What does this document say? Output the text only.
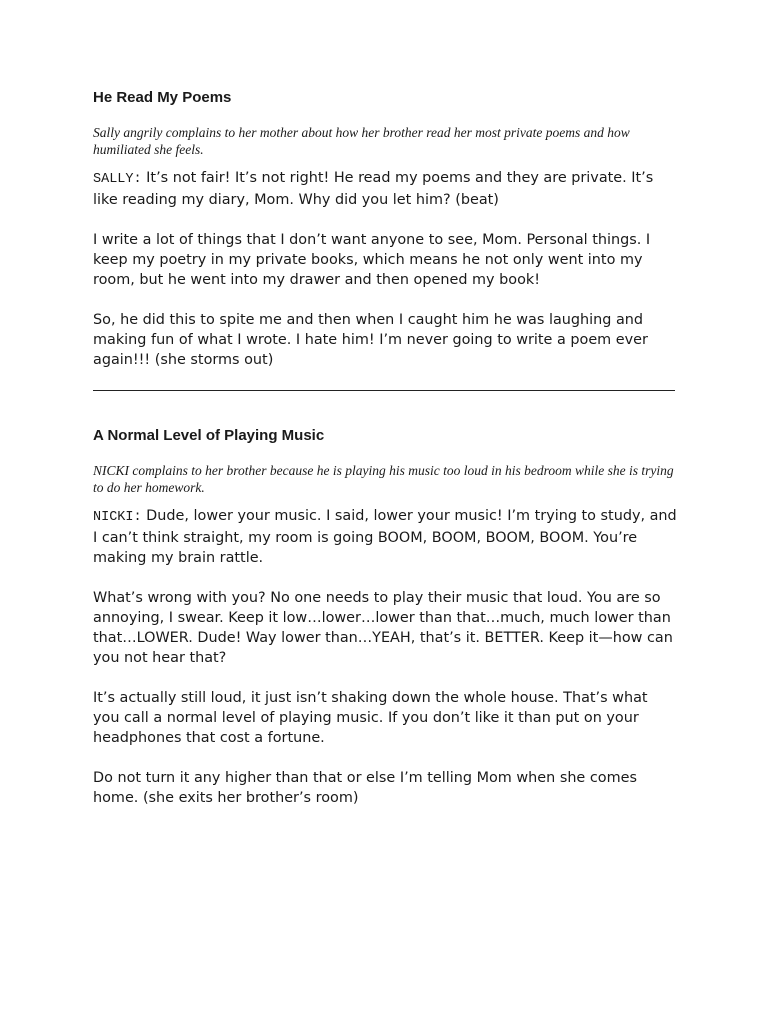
He Read My Poems

Sally angrily complains to her mother about how her brother read her most private poems and how humiliated she feels.

SALLY: It’s not fair! It’s not right! He read my poems and they are private. It’s like reading my diary, Mom. Why did you let him? (beat)

I write a lot of things that I don’t want anyone to see, Mom. Personal things. I keep my poetry in my private books, which means he not only went into my room, but he went into my drawer and then opened my book!

So, he did this to spite me and then when I caught him he was laughing and making fun of what I wrote. I hate him! I’m never going to write a poem ever again!!! (she storms out)

A Normal Level of Playing Music

NICKI complains to her brother because he is playing his music too loud in his bedroom while she is trying to do her homework.

NICKI: Dude, lower your music. I said, lower your music! I’m trying to study, and I can’t think straight, my room is going BOOM, BOOM, BOOM, BOOM. You’re making my brain rattle.

What’s wrong with you? No one needs to play their music that loud. You are so annoying, I swear. Keep it low…lower…lower than that…much, much lower than that…LOWER. Dude! Way lower than…YEAH, that’s it. BETTER. Keep it—how can you not hear that?

It’s actually still loud, it just isn’t shaking down the whole house. That’s what you call a normal level of playing music. If you don’t like it than put on your headphones that cost a fortune.

Do not turn it any higher than that or else I’m telling Mom when she comes home. (she exits her brother’s room)
